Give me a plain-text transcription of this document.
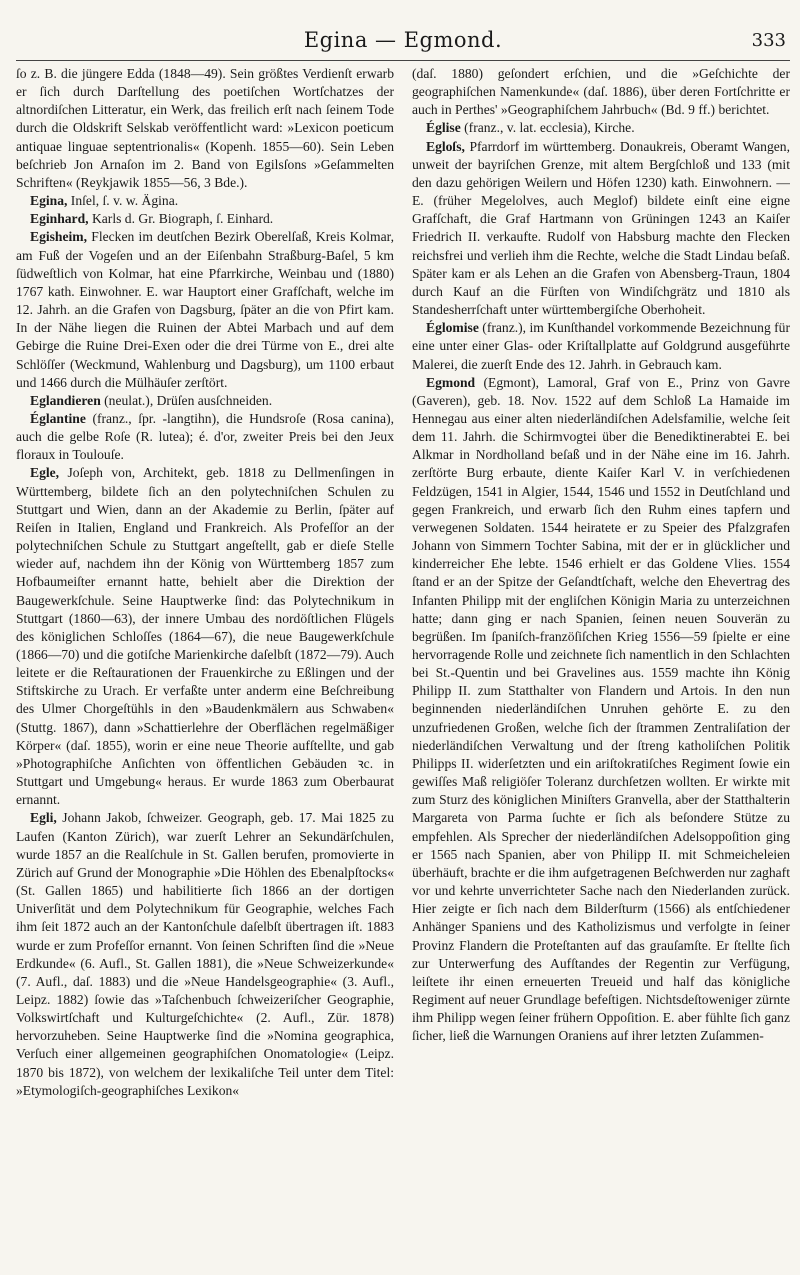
Egina — Egmond.	333

ſo z. B. die jüngere Edda (1848—49). Sein größtes Verdienſt erwarb er ſich durch Darſtellung des poetiſchen Wortſchatzes der altnordiſchen Litteratur, ein Werk, das freilich erſt nach ſeinem Tode durch die Oldskrift Selskab veröffentlicht ward: »Lexicon poeticum antiquae linguae septentrionalis« (Kopenh. 1855—60). Sein Leben beſchrieb Jon Arnaſon im 2. Band von Egilsſons »Geſammelten Schriften« (Reykjawik 1855—56, 3 Bde.).

Egina, Inſel, ſ. v. w. Ägina.

Eginhard, Karls d. Gr. Biograph, ſ. Einhard.

Egisheim, Flecken im deutſchen Bezirk Oberelſaß, Kreis Kolmar, am Fuß der Vogeſen und an der Eiſenbahn Straßburg-Baſel, 5 km ſüdweſtlich von Kolmar, hat eine Pfarrkirche, Weinbau und (1880) 1767 kath. Einwohner. E. war Hauptort einer Grafſchaft, welche im 12. Jahrh. an die Grafen von Dagsburg, ſpäter an die von Pfirt kam. In der Nähe liegen die Ruinen der Abtei Marbach und auf dem Gebirge die Ruine Drei-Exen oder die drei Türme von E., drei alte Schlöſſer (Weckmund, Wahlenburg und Dagsburg), um 1100 erbaut und 1466 durch die Mülhäuſer zerſtört.

Eglandieren (neulat.), Drüſen ausſchneiden.

Églantine (franz., ſpr. -langtihn), die Hundsroſe (Rosa canina), auch die gelbe Roſe (R. lutea); é. d'or, zweiter Preis bei den Jeux floraux in Toulouſe.

Egle, Joſeph von, Architekt, geb. 1818 zu Dellmenſingen in Württemberg, bildete ſich an den polytechniſchen Schulen zu Stuttgart und Wien, dann an der Akademie zu Berlin, ſpäter auf Reiſen in Italien, England und Frankreich. Als Profeſſor an der polytechniſchen Schule zu Stuttgart angeſtellt, gab er dieſe Stelle wieder auf, nachdem ihn der König von Württemberg 1857 zum Hofbaumeiſter ernannt hatte, behielt aber die Direktion der Baugewerkſchule. Seine Hauptwerke ſind: das Polytechnikum in Stuttgart (1860—63), der innere Umbau des nordöſtlichen Flügels des königlichen Schloſſes (1864—67), die neue Baugewerkſchule (1866—70) und die gotiſche Marienkirche daſelbſt (1872—79). Auch leitete er die Reſtaurationen der Frauenkirche zu Eßlingen und der Stiftskirche zu Urach. Er verfaßte unter anderm eine Beſchreibung des Ulmer Chorgeſtühls in den »Baudenkmälern aus Schwaben« (Stuttg. 1867), dann »Schattierlehre der Oberflächen regelmäßiger Körper« (daſ. 1855), worin er eine neue Theorie aufſtellte, und gab »Photographiſche Anſichten von öffentlichen Gebäuden ꝛc. in Stuttgart und Umgebung« heraus. Er wurde 1863 zum Oberbaurat ernannt.

Egli, Johann Jakob, ſchweizer. Geograph, geb. 17. Mai 1825 zu Laufen (Kanton Zürich), war zuerſt Lehrer an Sekundärſchulen, wurde 1857 an die Realſchule in St. Gallen berufen, promovierte in Zürich auf Grund der Monographie »Die Höhlen des Ebenalpſtocks« (St. Gallen 1865) und habilitierte ſich 1866 an der dortigen Univerſität und dem Polytechnikum für Geographie, welches Fach ihm ſeit 1872 auch an der Kantonſchule daſelbſt übertragen iſt. 1883 wurde er zum Profeſſor ernannt. Von ſeinen Schriften ſind die »Neue Erdkunde« (6. Aufl., St. Gallen 1881), die »Neue Schweizerkunde« (7. Aufl., daſ. 1883) und die »Neue Handelsgeographie« (3. Aufl., Leipz. 1882) ſowie das »Taſchenbuch ſchweizeriſcher Geographie, Volkswirtſchaft und Kulturgeſchichte« (2. Aufl., Zür. 1878) hervorzuheben. Seine Hauptwerke ſind die »Nomina geographica, Verſuch einer allgemeinen geographiſchen Onomatologie« (Leipz. 1870 bis 1872), von welchem der lexikaliſche Teil unter dem Titel: »Etymologiſch-geographiſches Lexikon«

(daſ. 1880) geſondert erſchien, und die »Geſchichte der geographiſchen Namenkunde« (daſ. 1886), über deren Fortſchritte er auch in Perthes' »Geographiſchem Jahrbuch« (Bd. 9 ff.) berichtet.

Église (franz., v. lat. ecclesia), Kirche.

Egloſs, Pfarrdorf im württemberg. Donaukreis, Oberamt Wangen, unweit der bayriſchen Grenze, mit altem Bergſchloß und 133 (mit den dazu gehörigen Weilern und Höfen 1230) kath. Einwohnern. — E. (früher Megelolves, auch Meglof) bildete einſt eine eigne Grafſchaft, die Graf Hartmann von Grüningen 1243 an Kaiſer Friedrich II. verkaufte. Rudolf von Habsburg machte den Flecken reichsfrei und verlieh ihm die Rechte, welche die Stadt Lindau beſaß. Später kam er als Lehen an die Grafen von Abensberg-Traun, 1804 durch Kauf an die Fürſten von Windiſchgrätz und 1810 als Standesherrſchaft unter württembergiſche Oberhoheit.

Églomise (franz.), im Kunſthandel vorkommende Bezeichnung für eine unter einer Glas- oder Kriſtallplatte auf Goldgrund ausgeführte Malerei, die zuerſt Ende des 12. Jahrh. in Gebrauch kam.

Egmond (Egmont), Lamoral, Graf von E., Prinz von Gavre (Gaveren), geb. 18. Nov. 1522 auf dem Schloß La Hamaide im Hennegau aus einer alten niederländiſchen Adelsfamilie, welche ſeit dem 11. Jahrh. die Schirmvogtei über die Benediktinerabtei E. bei Alkmar in Nordholland beſaß und in der Nähe eine im 16. Jahrh. zerſtörte Burg erbaute, diente Kaiſer Karl V. in verſchiedenen Feldzügen, 1541 in Algier, 1544, 1546 und 1552 in Deutſchland und gegen Frankreich, und erwarb ſich den Ruhm eines tapfern und verwegenen Soldaten. 1544 heiratete er zu Speier des Pfalzgrafen Johann von Simmern Tochter Sabina, mit der er in glücklicher und kinderreicher Ehe lebte. 1546 erhielt er das Goldene Vlies. 1554 ſtand er an der Spitze der Geſandtſchaft, welche den Ehevertrag des Infanten Philipp mit der engliſchen Königin Maria zu unterzeichnen hatte; dann ging er nach Spanien, ſeinen neuen Souverän zu begrüßen. Im ſpaniſch-franzöſiſchen Krieg 1556—59 ſpielte er eine hervorragende Rolle und zeichnete ſich namentlich in den Schlachten bei St.-Quentin und bei Gravelines aus. 1559 machte ihn König Philipp II. zum Statthalter von Flandern und Artois. In den nun beginnenden niederländiſchen Unruhen gehörte E. zu den unzufriedenen Großen, welche ſich der ſtrammen Zentraliſation der niederländiſchen Verwaltung und der ſtreng katholiſchen Politik Philipps II. widerſetzten und ein ariſtokratiſches Regiment ſowie ein gewiſſes Maß religiöſer Toleranz durchſetzen wollten. Er wirkte mit zum Sturz des königlichen Miniſters Granvella, aber der Statthalterin Margareta von Parma ſuchte er ſich als beſondere Stütze zu empfehlen. Als Sprecher der niederländiſchen Adelsoppoſition ging er 1565 nach Spanien, aber von Philipp II. mit Schmeicheleien überhäuft, brachte er die ihm aufgetragenen Beſchwerden nur zaghaft vor und kehrte unverrichteter Sache nach den Niederlanden zurück. Hier zeigte er ſich nach dem Bilderſturm (1566) als entſchiedener Anhänger Spaniens und des Katholizismus und verfolgte in ſeiner Provinz Flandern die Proteſtanten auf das grauſamſte. Er ſtellte ſich zur Unterwerfung des Aufſtandes der Regentin zur Verfügung, leiſtete ihr einen erneuerten Treueid und half das königliche Regiment auf neuer Grundlage befeſtigen. Nichtsdeſtoweniger zürnte ihm Philipp wegen ſeiner frühern Oppoſition. E. aber fühlte ſich ganz ſicher, ließ die Warnungen Oraniens auf ihrer letzten Zuſammen-
